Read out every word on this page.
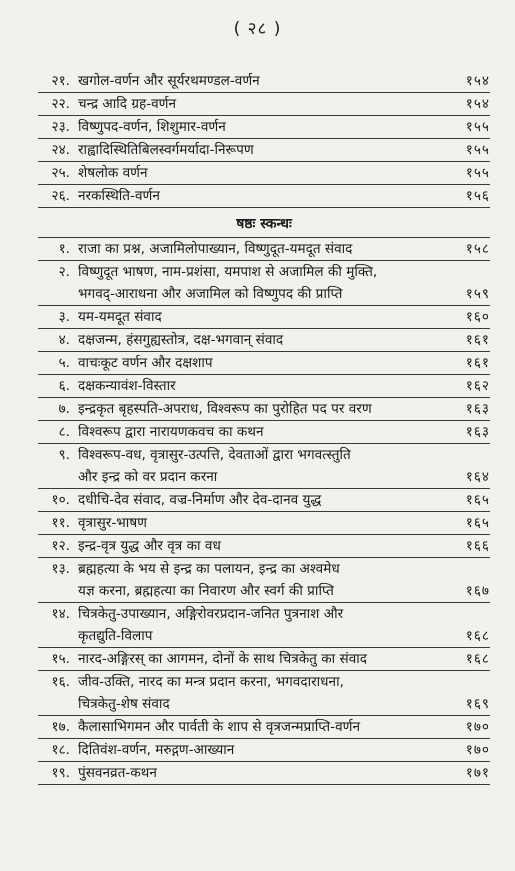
( २८ )
२१. खगोल-वर्णन और सूर्यरथमण्डल-वर्णन	१५४
२२. चन्द्र आदि ग्रह-वर्णन	१५४
२३. विष्णुपद-वर्णन, शिशुमार-वर्णन	१५५
२४. राह्वादिस्थितिबिलस्वर्गमर्यादा-निरूपण	१५५
२५. शेषलोक वर्णन	१५५
२६. नरकस्थिति-वर्णन	१५६
षष्ठः स्कन्धः
१. राजा का प्रश्न, अजामिलोपाख्यान, विष्णुदूत-यमदूत संवाद	१५८
२. विष्णुदूत भाषण, नाम-प्रशंसा, यमपाश से अजामिल की मुक्ति,
भगवद्-आराधना और अजामिल को विष्णुपद की प्राप्ति	१५९
३. यम-यमदूत संवाद	१६०
४. दक्षजन्म, हंसगुह्यस्तोत्र, दक्ष-भगवान् संवाद	१६१
५. वाचःकूट वर्णन और दक्षशाप	१६१
६. दक्षकन्यावंश-विस्तार	१६२
७. इन्द्रकृत बृहस्पति-अपराध, विश्वरूप का पुरोहित पद पर वरण	१६३
८. विश्वरूप द्वारा नारायणकवच का कथन	१६३
९. विश्वरूप-वध, वृत्रासुर-उत्पत्ति, देवताओं द्वारा भगवत्स्तुति
और इन्द्र को वर प्रदान करना	१६४
१०. दधीचि-देव संवाद, वज्र-निर्माण और देव-दानव युद्ध	१६५
११. वृत्रासुर-भाषण	१६५
१२. इन्द्र-वृत्र युद्ध और वृत्र का वध	१६६
१३. ब्रह्महत्या के भय से इन्द्र का पलायन, इन्द्र का अश्वमेध
यज्ञ करना, ब्रह्महत्या का निवारण और स्वर्ग की प्राप्ति	१६७
१४. चित्रकेतु-उपाख्यान, अङ्गिरोवरप्रदान-जनित पुत्रनाश और
कृतद्युति-विलाप	१६८
१५. नारद-अङ्गिरस् का आगमन, दोनों के साथ चित्रकेतु का संवाद	१६८
१६. जीव-उक्ति, नारद का मन्त्र प्रदान करना, भगवदाराधना,
चित्रकेतु-शेष संवाद	१६९
१७. कैलासाभिगमन और पार्वती के शाप से वृत्रजन्मप्राप्ति-वर्णन	१७०
१८. दितिवंश-वर्णन, मरुद्गण-आख्यान	१७०
१९. पुंसवनव्रत-कथन	१७१
